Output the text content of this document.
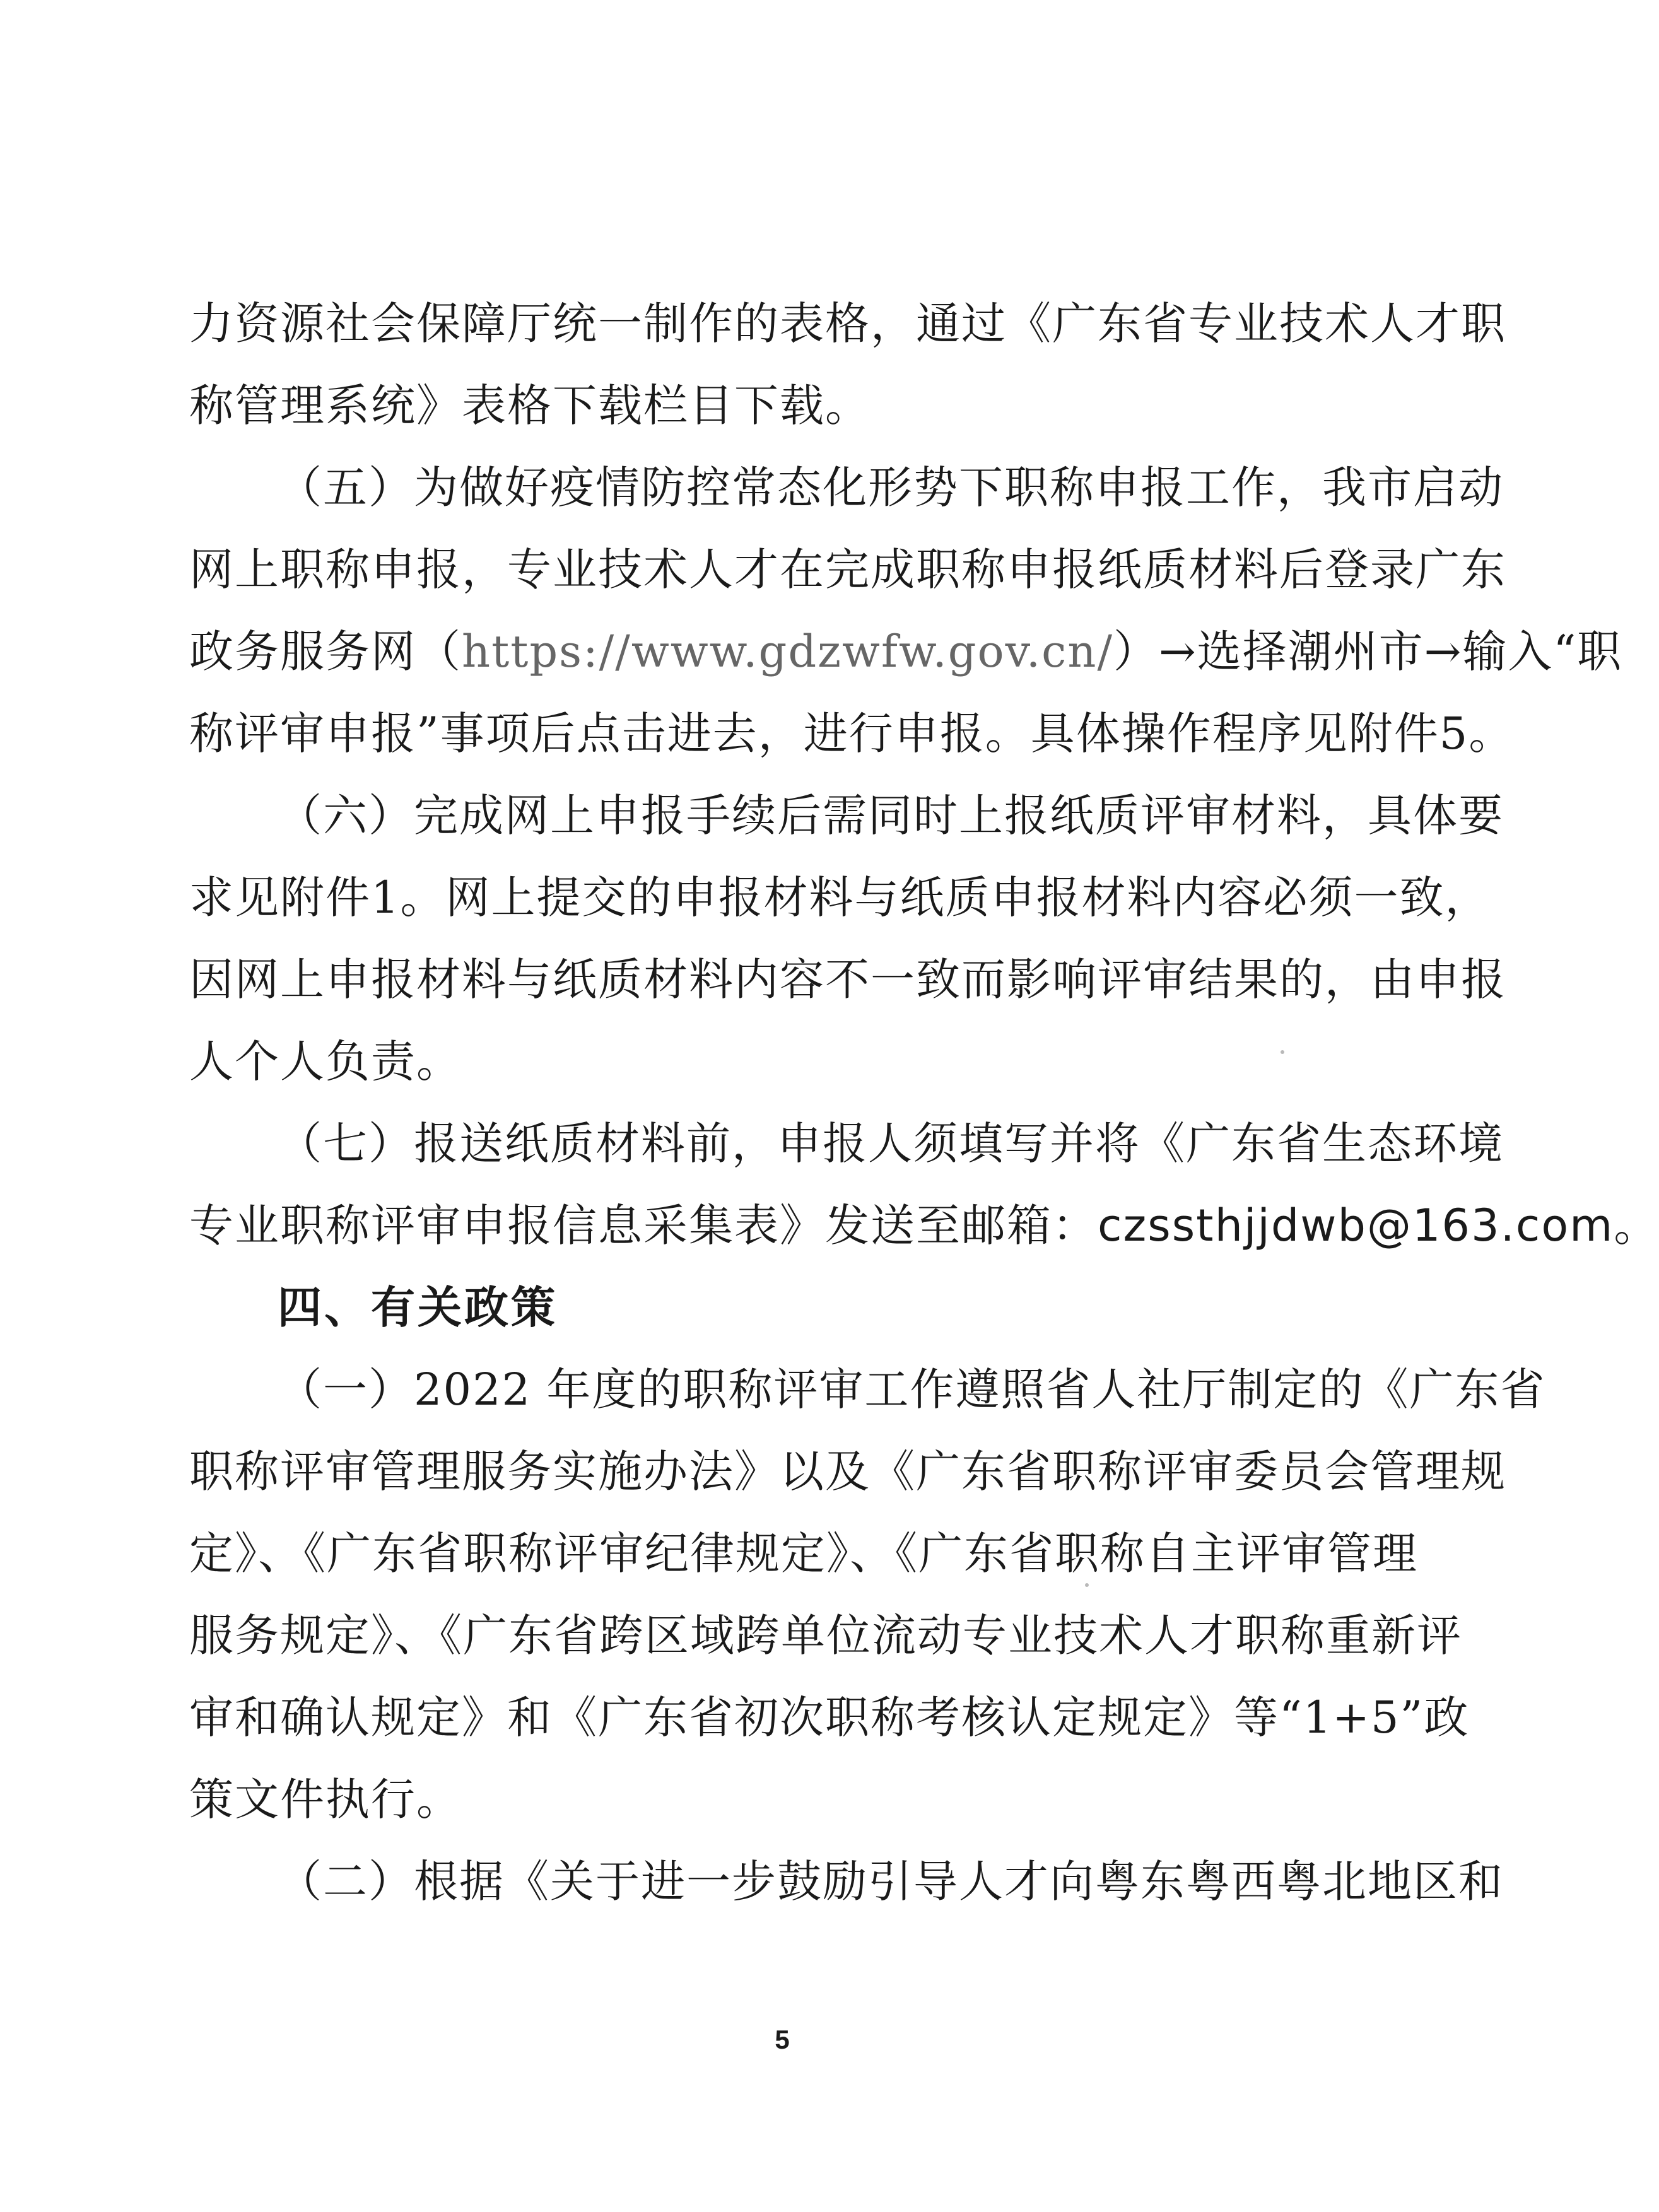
力资源社会保障厅统一制作的表格，通过《广东省专业技术人才职
称管理系统》表格下载栏目下载。
（五）为做好疫情防控常态化形势下职称申报工作，我市启动
网上职称申报，专业技术人才在完成职称申报纸质材料后登录广东
政务服务网（https://www.gdzwfw.gov.cn/）→选择潮州市→输入“职
称评审申报”事项后点击进去，进行申报。具体操作程序见附件5。
（六）完成网上申报手续后需同时上报纸质评审材料，具体要
求见附件1。网上提交的申报材料与纸质申报材料内容必须一致，
因网上申报材料与纸质材料内容不一致而影响评审结果的，由申报
人个人负责。
（七）报送纸质材料前，申报人须填写并将《广东省生态环境
专业职称评审申报信息采集表》发送至邮箱：czssthjjdwb@163.com。
四、有关政策
（一）2022 年度的职称评审工作遵照省人社厅制定的《广东省
职称评审管理服务实施办法》以及《广东省职称评审委员会管理规
定》、《广东省职称评审纪律规定》、《广东省职称自主评审管理
服务规定》、《广东省跨区域跨单位流动专业技术人才职称重新评
审和确认规定》和《广东省初次职称考核认定规定》等“1+5”政
策文件执行。
（二）根据《关于进一步鼓励引导人才向粤东粤西粤北地区和
5
